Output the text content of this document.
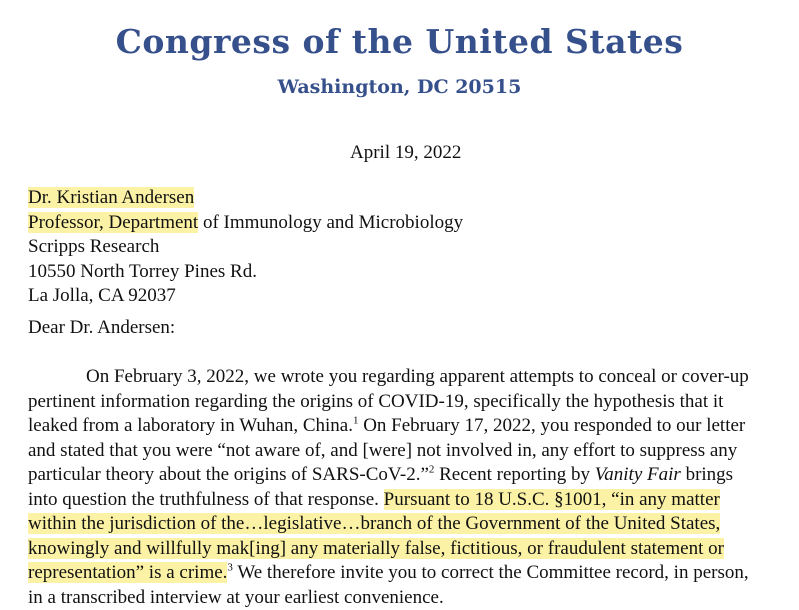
Congress of the United States
Washington, DC 20515
April 19, 2022
Dr. Kristian Andersen
Professor, Department of Immunology and Microbiology
Scripps Research
10550 North Torrey Pines Rd.
La Jolla, CA 92037
Dear Dr. Andersen:
On February 3, 2022, we wrote you regarding apparent attempts to conceal or cover-up
pertinent information regarding the origins of COVID-19, specifically the hypothesis that it
leaked from a laboratory in Wuhan, China.$^1$ On February 17, 2022, you responded to our letter
and stated that you were “not aware of, and [were] not involved in, any effort to suppress any
particular theory about the origins of SARS-CoV-2.”$^2$ Recent reporting by Vanity Fair brings
into question the truthfulness of that response. Pursuant to 18 U.S.C. §1001, “in any matter
within the jurisdiction of the…legislative…branch of the Government of the United States,
knowingly and willfully mak[ing] any materially false, fictitious, or fraudulent statement or
representation” is a crime.$^3$ We therefore invite you to correct the Committee record, in person,
in a transcribed interview at your earliest convenience.
